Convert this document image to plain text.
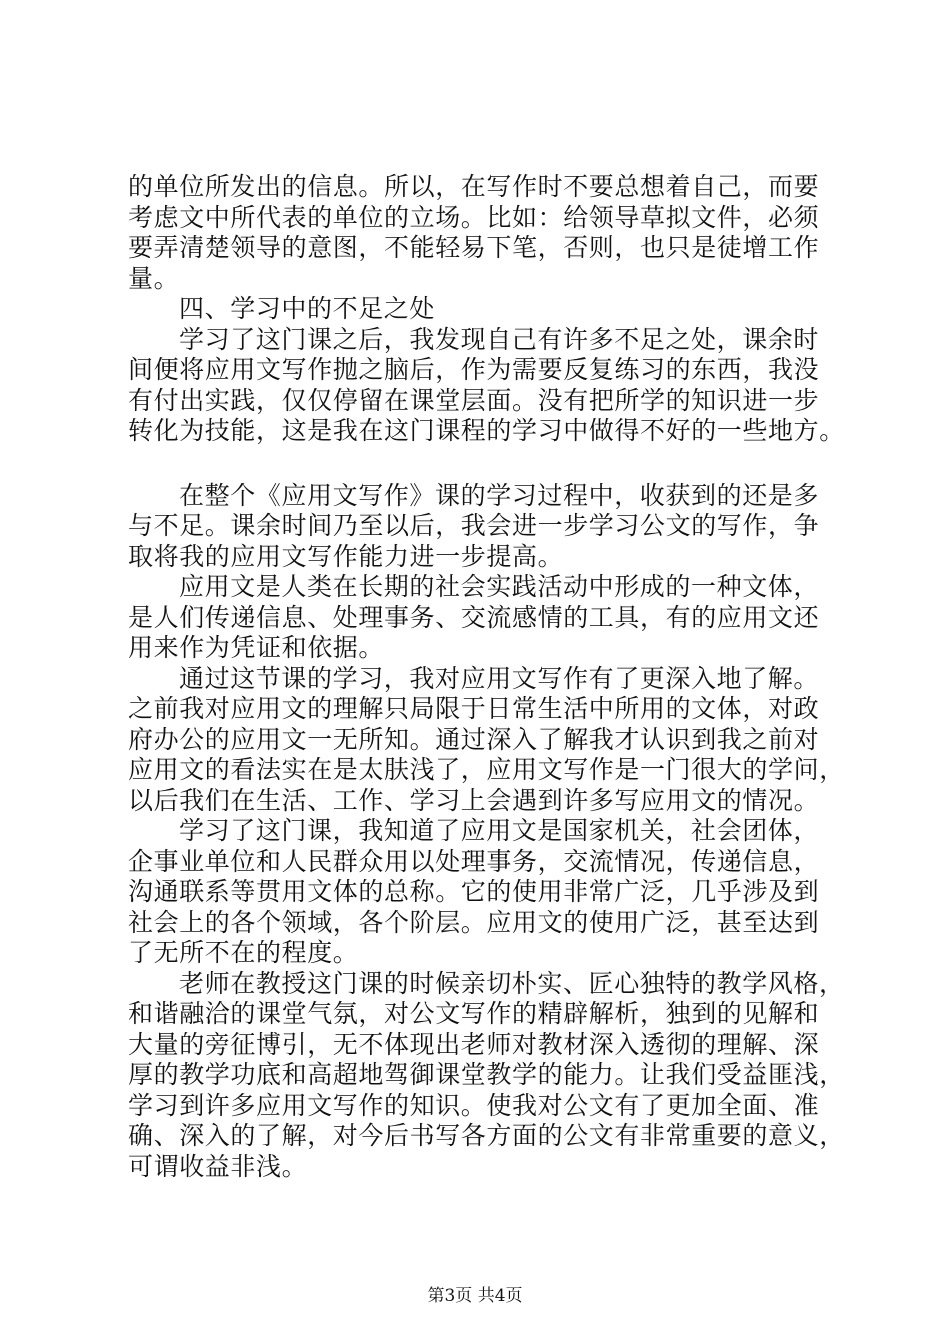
的单位所发出的信息。所以，在写作时不要总想着自己，而要
考虑文中所代表的单位的立场。比如：给领导草拟文件，必须
要弄清楚领导的意图，不能轻易下笔，否则，也只是徒增工作
量。
四、学习中的不足之处
学习了这门课之后，我发现自己有许多不足之处，课余时
间便将应用文写作抛之脑后，作为需要反复练习的东西，我没
有付出实践，仅仅停留在课堂层面。没有把所学的知识进一步
转化为技能，这是我在这门课程的学习中做得不好的一些地方。
在整个《应用文写作》课的学习过程中，收获到的还是多
与不足。课余时间乃至以后，我会进一步学习公文的写作，争
取将我的应用文写作能力进一步提高。
应用文是人类在长期的社会实践活动中形成的一种文体，
是人们传递信息、处理事务、交流感情的工具，有的应用文还
用来作为凭证和依据。
通过这节课的学习，我对应用文写作有了更深入地了解。
之前我对应用文的理解只局限于日常生活中所用的文体，对政
府办公的应用文一无所知。通过深入了解我才认识到我之前对
应用文的看法实在是太肤浅了，应用文写作是一门很大的学问，
以后我们在生活、工作、学习上会遇到许多写应用文的情况。
学习了这门课，我知道了应用文是国家机关，社会团体，
企事业单位和人民群众用以处理事务，交流情况，传递信息，
沟通联系等贯用文体的总称。它的使用非常广泛，几乎涉及到
社会上的各个领域，各个阶层。应用文的使用广泛，甚至达到
了无所不在的程度。
老师在教授这门课的时候亲切朴实、匠心独特的教学风格，
和谐融洽的课堂气氛，对公文写作的精辟解析，独到的见解和
大量的旁征博引，无不体现出老师对教材深入透彻的理解、深
厚的教学功底和高超地驾御课堂教学的能力。让我们受益匪浅，
学习到许多应用文写作的知识。使我对公文有了更加全面、准
确、深入的了解，对今后书写各方面的公文有非常重要的意义，
可谓收益非浅。
第3页 共4页
